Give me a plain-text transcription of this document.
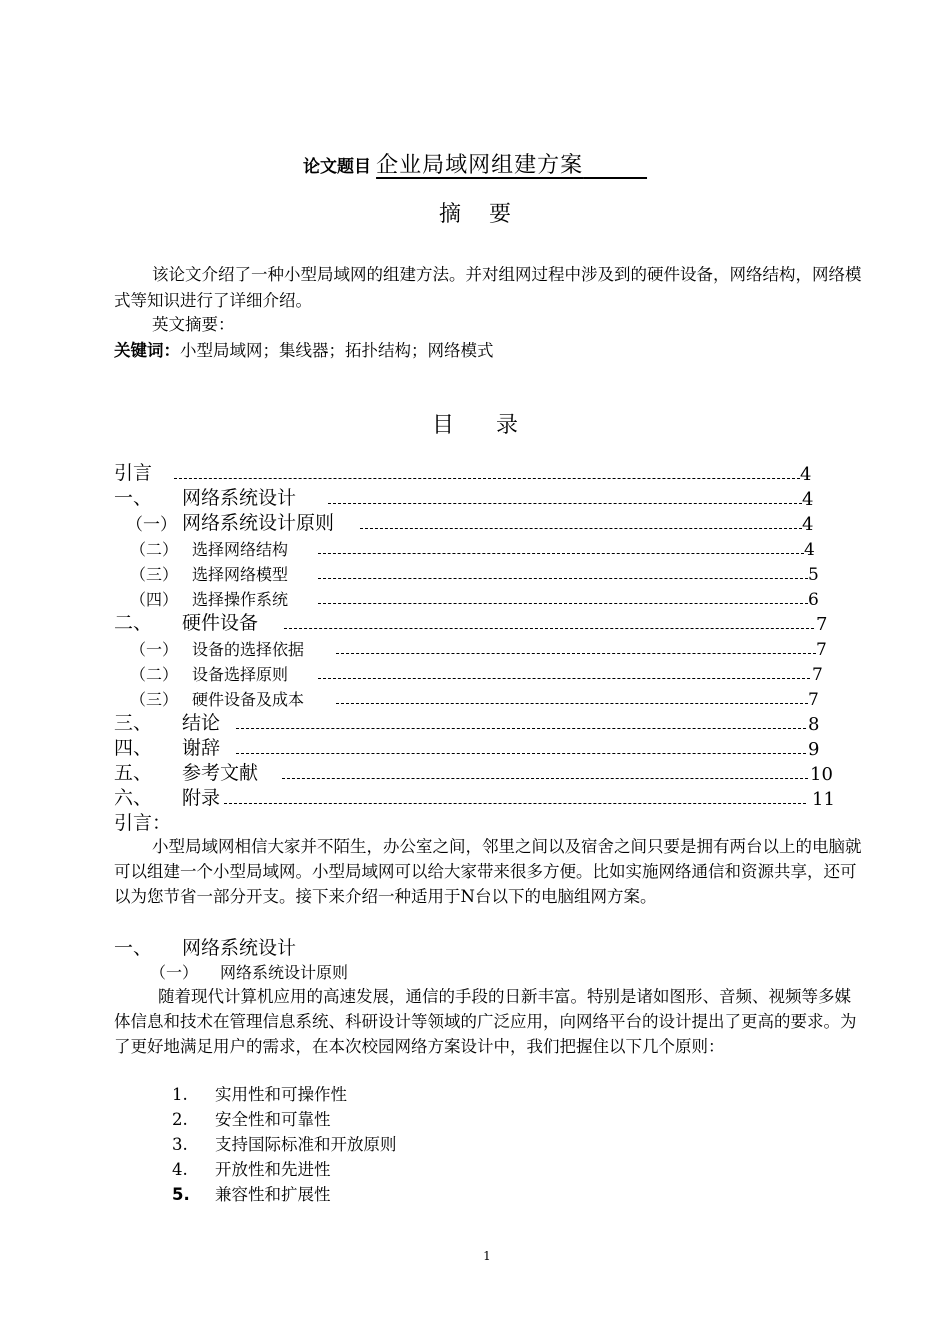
论文题目 企业局域网组建方案
摘    要
该论文介绍了一种小型局域网的组建方法。并对组网过程中涉及到的硬件设备，网络结构，网络模式等知识进行了详细介绍。
英文摘要：
关键词：小型局域网；集线器；拓扑结构；网络模式
目      录
引言	4
一、 网络系统设计	4
（一） 网络系统设计原则	4
（二） 选择网络结构	4
（三） 选择网络模型	5
（四） 选择操作系统	6
二、 硬件设备	7
（一） 设备的选择依据	7
（二） 设备选择原则	7
（三） 硬件设备及成本	7
三、 结论	8
四、 谢辞	9
五、 参考文献	10
六、 附录	11
引言：
小型局域网相信大家并不陌生，办公室之间，邻里之间以及宿舍之间只要是拥有两台以上的电脑就可以组建一个小型局域网。小型局域网可以给大家带来很多方便。比如实施网络通信和资源共享，还可以为您节省一部分开支。接下来介绍一种适用于N台以下的电脑组网方案。
一、 网络系统设计
（一） 网络系统设计原则
随着现代计算机应用的高速发展，通信的手段的日新丰富。特别是诸如图形、音频、视频等多媒体信息和技术在管理信息系统、科研设计等领域的广泛应用，向网络平台的设计提出了更高的要求。为了更好地满足用户的需求，在本次校园网络方案设计中，我们把握住以下几个原则：
1.	实用性和可操作性
2.	安全性和可靠性
3.	支持国际标准和开放原则
4.	开放性和先进性
5.	兼容性和扩展性
1
